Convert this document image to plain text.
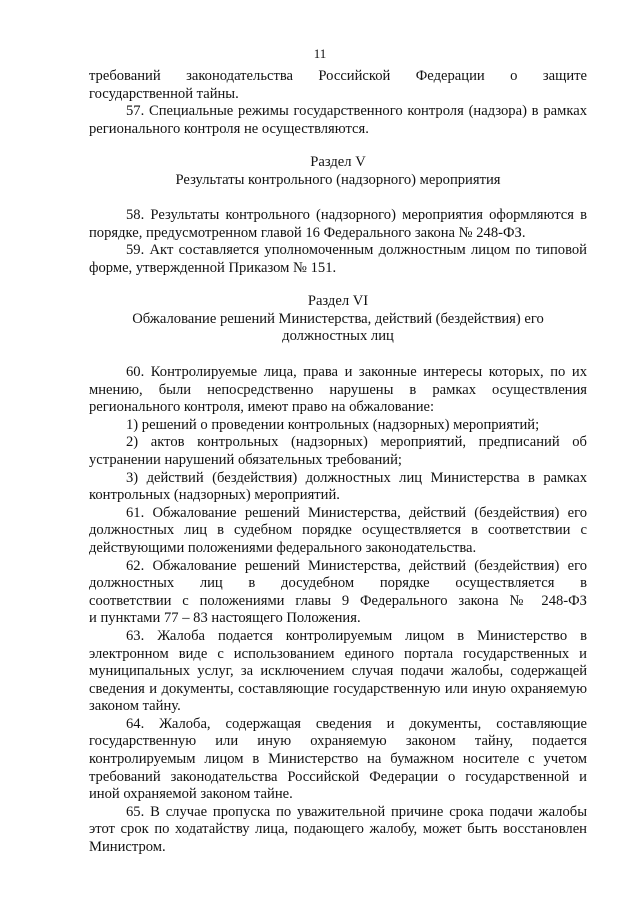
11

требований законодательства Российской Федерации о защите

государственной тайны.

57. Специальные режимы государственного контроля (надзора) в рамках

регионального контроля не осуществляются.

Раздел V

Результаты контрольного (надзорного) мероприятия

58. Результаты контрольного (надзорного) мероприятия оформляются в

порядке, предусмотренном главой 16 Федерального закона № 248-ФЗ.

59. Акт составляется уполномоченным должностным лицом по типовой

форме, утвержденной Приказом № 151.

Раздел VI

Обжалование решений Министерства, действий (бездействия) его

должностных лиц

60. Контролируемые лица, права и законные интересы которых, по их

мнению, были непосредственно нарушены в рамках осуществления

регионального контроля, имеют право на обжалование:

1) решений о проведении контрольных (надзорных) мероприятий;

2) актов контрольных (надзорных) мероприятий, предписаний об

устранении нарушений обязательных требований;

3) действий (бездействия) должностных лиц Министерства в рамках

контрольных (надзорных) мероприятий.

61. Обжалование решений Министерства, действий (бездействия) его

должностных лиц в судебном порядке осуществляется в соответствии с

действующими положениями федерального законодательства.

62. Обжалование решений Министерства, действий (бездействия) его

должностных лиц в досудебном порядке осуществляется в

соответствии с положениями главы 9 Федерального закона № 248-ФЗ

и пунктами 77 – 83 настоящего Положения.

63. Жалоба подается контролируемым лицом в Министерство в

электронном виде с использованием единого портала государственных и

муниципальных услуг, за исключением случая подачи жалобы, содержащей

сведения и документы, составляющие государственную или иную охраняемую

законом тайну.

64. Жалоба, содержащая сведения и документы, составляющие

государственную или иную охраняемую законом тайну, подается

контролируемым лицом в Министерство на бумажном носителе с учетом

требований законодательства Российской Федерации о государственной и

иной охраняемой законом тайне.

65. В случае пропуска по уважительной причине срока подачи жалобы

этот срок по ходатайству лица, подающего жалобу, может быть восстановлен

Министром.
